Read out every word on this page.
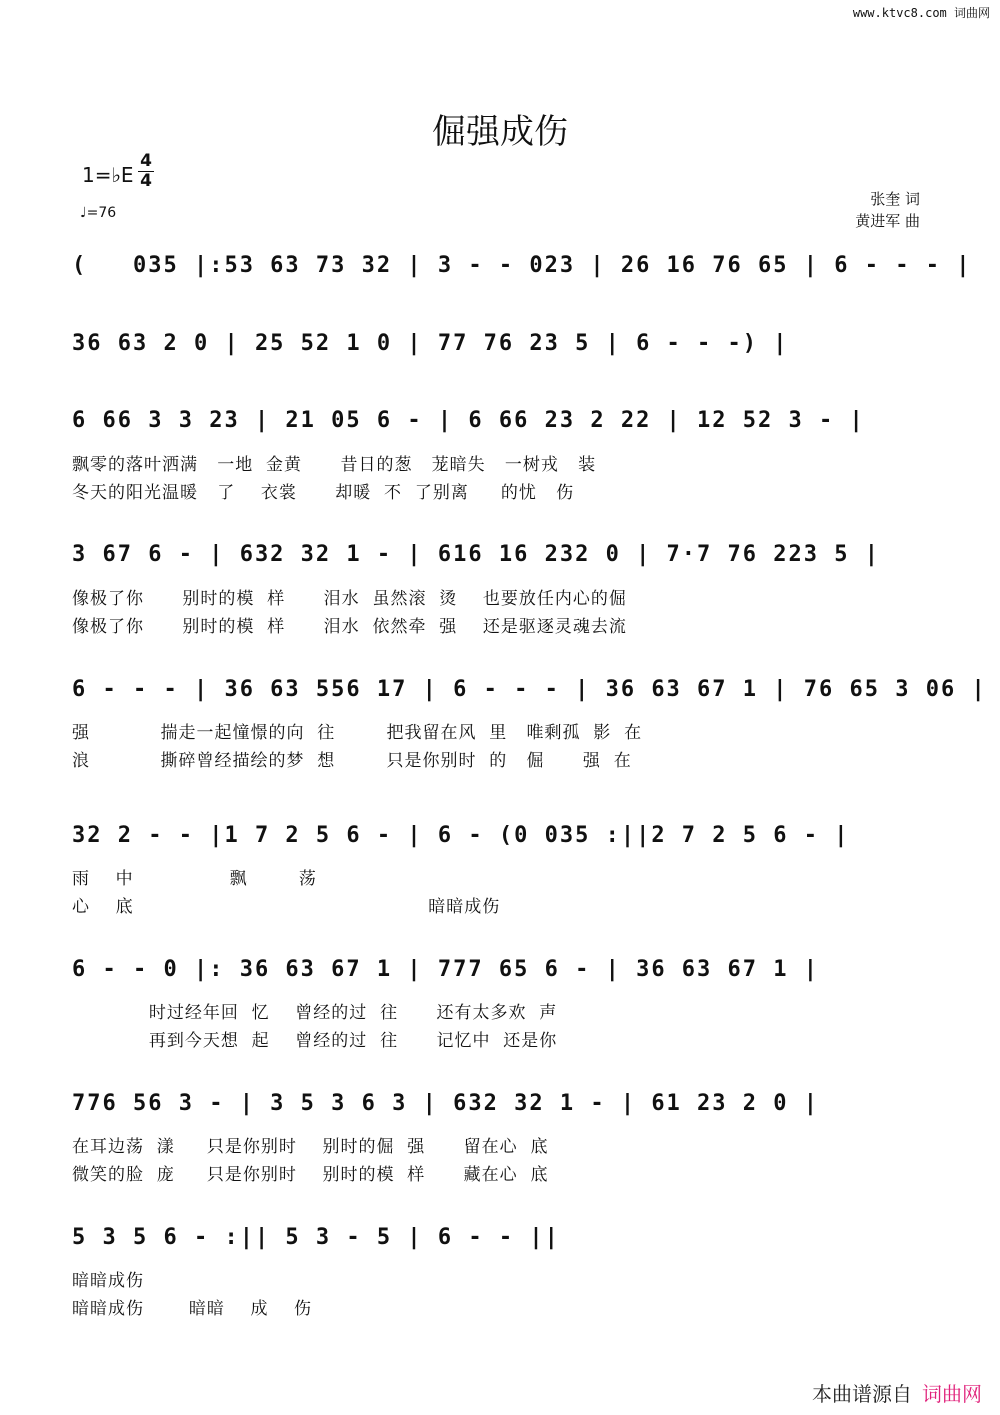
www.ktvc8.com 词曲网
倔强成伤
1=♭E
4
4
♩=76
张奎 词
黄进军 曲
(   035 |:53 63 73 32 | 3 - - 023 | 26 16 76 65 | 6 - - - |
36 63 2 0 | 25 52 1 0 | 77 76 23 5 | 6 - - -) |
6 66 3 3 23 | 21 05 6 - | 6 66 23 2 22 | 12 52 3 - |
飘零的落叶洒满   一地  金黄      昔日的葱   茏暗失   一树戎   装
冬天的阳光温暖   了    衣裳      却暖  不  了别离     的忧   伤
3 67 6 - | 632 32 1 - | 616 16 232 0 | 7·7 76 223 5 |
像极了你      别时的模  样      泪水  虽然滚  烫    也要放任内心的倔
像极了你      别时的模  样      泪水  依然牵  强    还是驱逐灵魂去流
6 - - - | 36 63 556 17 | 6 - - - | 36 63 67 1 | 76 65 3 06 |
强           揣走一起憧憬的向  往        把我留在风  里   唯剩孤  影  在
浪           撕碎曾经描绘的梦  想        只是你别时  的   倔      强  在
32 2 - - |1 7 2 5 6 - | 6 - (0 035 :||2 7 2 5 6 - |
雨    中               飘        荡
心    底                                              暗暗成伤
6 - - 0 |: 36 63 67 1 | 777 65 6 - | 36 63 67 1 |
时过经年回  忆    曾经的过  往      还有太多欢  声
再到今天想  起    曾经的过  往      记忆中  还是你
776 56 3 - | 3 5 3 6 3 | 632 32 1 - | 61 23 2 0 |
在耳边荡  漾     只是你别时    别时的倔  强      留在心  底
微笑的脸  庞     只是你别时    别时的模  样      藏在心  底
5 3 5 6 - :|| 5 3 - 5 | 6 - - ||
暗暗成伤
暗暗成伤       暗暗    成    伤
本曲谱源自 词曲网
